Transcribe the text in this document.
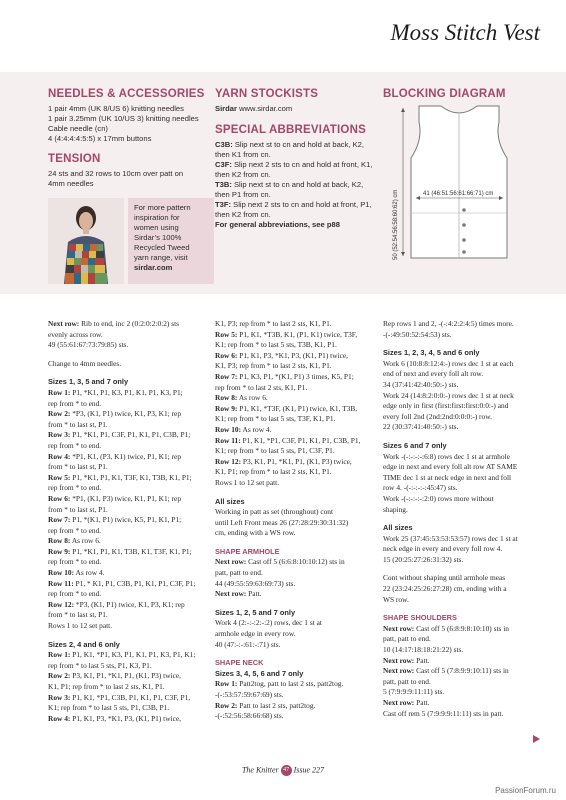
Moss Stitch Vest
NEEDLES & ACCESSORIES
1 pair 4mm (UK 8/US 6) knitting needles
1 pair 3.25mm (UK 10/US 3) knitting needles
Cable needle (cn)
4 (4:4:4:4:5:5) x 17mm buttons
TENSION
24 sts and 32 rows to 10cm over patt on
4mm needles
For more pattern
inspiration for
women using
Sirdar’s 100%
Recycled Tweed
yarn range, visit
sirdar.com
YARN STOCKISTS
Sirdar www.sirdar.com
SPECIAL ABBREVIATIONS
C3B: Slip next st to cn and hold at back, K2,
then K1 from cn.
C3F: Slip next 2 sts to cn and hold at front, K1,
then K2 from cn.
T3B: Slip next st to cn and hold at back, K2,
then P1 from cn.
T3F: Slip next 2 sts to cn and hold at front, P1,
then K2 from cn.
For general abbreviations, see p88
BLOCKING DIAGRAM
41 (46:51:56:61:66:71) cm
50 (52:54:56:58:60:62) cm

Next row: Rib to end, inc 2 (0:2:0:2:0:2) sts

evenly across row.

49 (55:61:67:73:79:85) sts.

Change to 4mm needles.

Sizes 1, 3, 5 and 7 only

Row 1: P1, *K1, P1, K3, P1, K1, P1, K3, P1;

rep from * to end.

Row 2: *P3, (K1, P1) twice, K1, P3, K1; rep

from * to last st, P1.

Row 3: P1, *K1, P1, C3F, P1, K1, P1, C3B, P1;

rep from * to end.

Row 4: *P1, K1, (P3, K1) twice, P1, K1; rep

from * to last st, P1.

Row 5: P1, *K1, P1, K1, T3F, K1, T3B, K1, P1;

rep from * to end.

Row 6: *P1, (K1, P3) twice, K1, P1, K1; rep

from * to last st, P1.

Row 7: P1, *(K1, P1) twice, K5, P1, K1, P1;

rep from * to end.

Row 8: As row 6.

Row 9: P1, *K1, P1, K1, T3B, K1, T3F, K1, P1;

rep from * to end.

Row 10: As row 4.

Row 11: P1, * K1, P1, C3B, P1, K1, P1, C3F, P1;

rep from * to end.

Row 12: *P3, (K1, P1) twice, K1, P3, K1; rep

from * to last st, P1.

Rows 1 to 12 set patt.

Sizes 2, 4 and 6 only

Row 1: P1, K1, *P1, K3, P1, K1, P1, K3, P1, K1;

rep from * to last 5 sts, P1, K3, P1.

Row 2: P3, K1, P1, *K1, P1, (K1, P3) twice,

K1, P1; rep from * to last 2 sts, K1, P1.

Row 3: P1, K1, *P1, C3B, P1, K1, P1, C3F, P1,

K1; rep from * to last 5 sts, P1, C3B, P1.

Row 4: P1, K1, P3, *K1, P3, (K1, P1) twice,

K1, P3; rep from * to last 2 sts, K1, P1.

Row 5: P1, K1, *T3B, K1, (P1, K1) twice, T3F,

K1; rep from * to last 5 sts, T3B, K1, P1.

Row 6: P1, K1, P3, *K1, P3, (K1, P1) twice,

K1, P3; rep from * to last 2 sts, K1, P1.

Row 7: P1, K3, P1, *(K1, P1) 3 times, K5, P1;

rep from * to last 2 sts, K1, P1.

Row 8: As row 6.

Row 9: P1, K1, *T3F, (K1, P1) twice, K1, T3B,

K1; rep from * to last 5 sts, T3F, K1, P1.

Row 10: As row 4.

Row 11: P1, K1, *P1, C3F, P1, K1, P1, C3B, P1,

K1; rep from * to last 5 sts, P1, C3F, P1.

Row 12: P3, K1, P1, *K1, P1, (K1, P3) twice,

K1, P1; rep from * to last 2 sts, K1, P1.

Rows 1 to 12 set patt.

All sizes

Working in patt as set (throughout) cont

until Left Front meas 26 (27:28:29:30:31:32)

cm, ending with a WS row.

SHAPE ARMHOLE

Next row: Cast off 5 (6:6:8:10:10:12) sts in

patt, patt to end.

44 (49:55:59:63:69:73) sts.

Next row: Patt.

Sizes 1, 2, 5 and 7 only

Work 4 (2:-:-:2:-:2) rows, dec 1 st at

armhole edge in every row.

40 (47:-:-:61:-:71) sts.

SHAPE NECK

Sizes 3, 4, 5, 6 and 7 only

Row 1: Patt2tog, patt to last 2 sts, patt2tog.

-(-:53:57:59:67:69) sts.

Row 2: Patt to last 2 sts, patt2tog.

-(-:52:56:58:66:68) sts.

Rep rows 1 and 2, -(-:4:2:2:4:5) times more.

-(-:49:50:52:54:53) sts.

Sizes 1, 2, 3, 4, 5 and 6 only

Work 6 (10:8:8:12:4:-) rows dec 1 st at each

end of next and every foll alt row.

34 (37:41:42:40:50:-) sts.

Work 24 (14:8:2:0:0:-) rows dec 1 st at neck

edge only in first (first:first:first:0:0:-) and

every foll 2nd (2nd:2nd:0:0:0:-) row.

22 (30:37:41:40:50:-) sts.

Sizes 6 and 7 only

Work -(-:-:-:-:6:8) rows dec 1 st at armhole

edge in next and every foll alt row AT SAME

TIME dec 1 st at neck edge in next and foll

row 4. -(-:-:-:-:45:47) sts.

Work -(-:-:-:-:2:0) rows more without

shaping.

All sizes

Work 25 (37:45:53:53:53:57) rows dec 1 st at

neck edge in every and every foll row 4.

15 (20:25:27:26:31:32) sts.

Cont without shaping until armhole meas

22 (23:24:25:26:27:28) cm, ending with a

WS row.

SHAPE SHOULDERS

Next row: Cast off 5 (6:8:9:8:10:10) sts in

patt, patt to end.

10 (14:17:18:18:21:22) sts.

Next row: Patt.

Next row: Cast off 5 (7:8:9:9:10:11) sts in

patt, patt to end.

5 (7:9:9:9:11:11) sts.

Next row: Patt.

Cast off rem 5 (7:9:9:9:11:11) sts in patt.

The Knitter 47 Issue 227
PassionForum.ru
